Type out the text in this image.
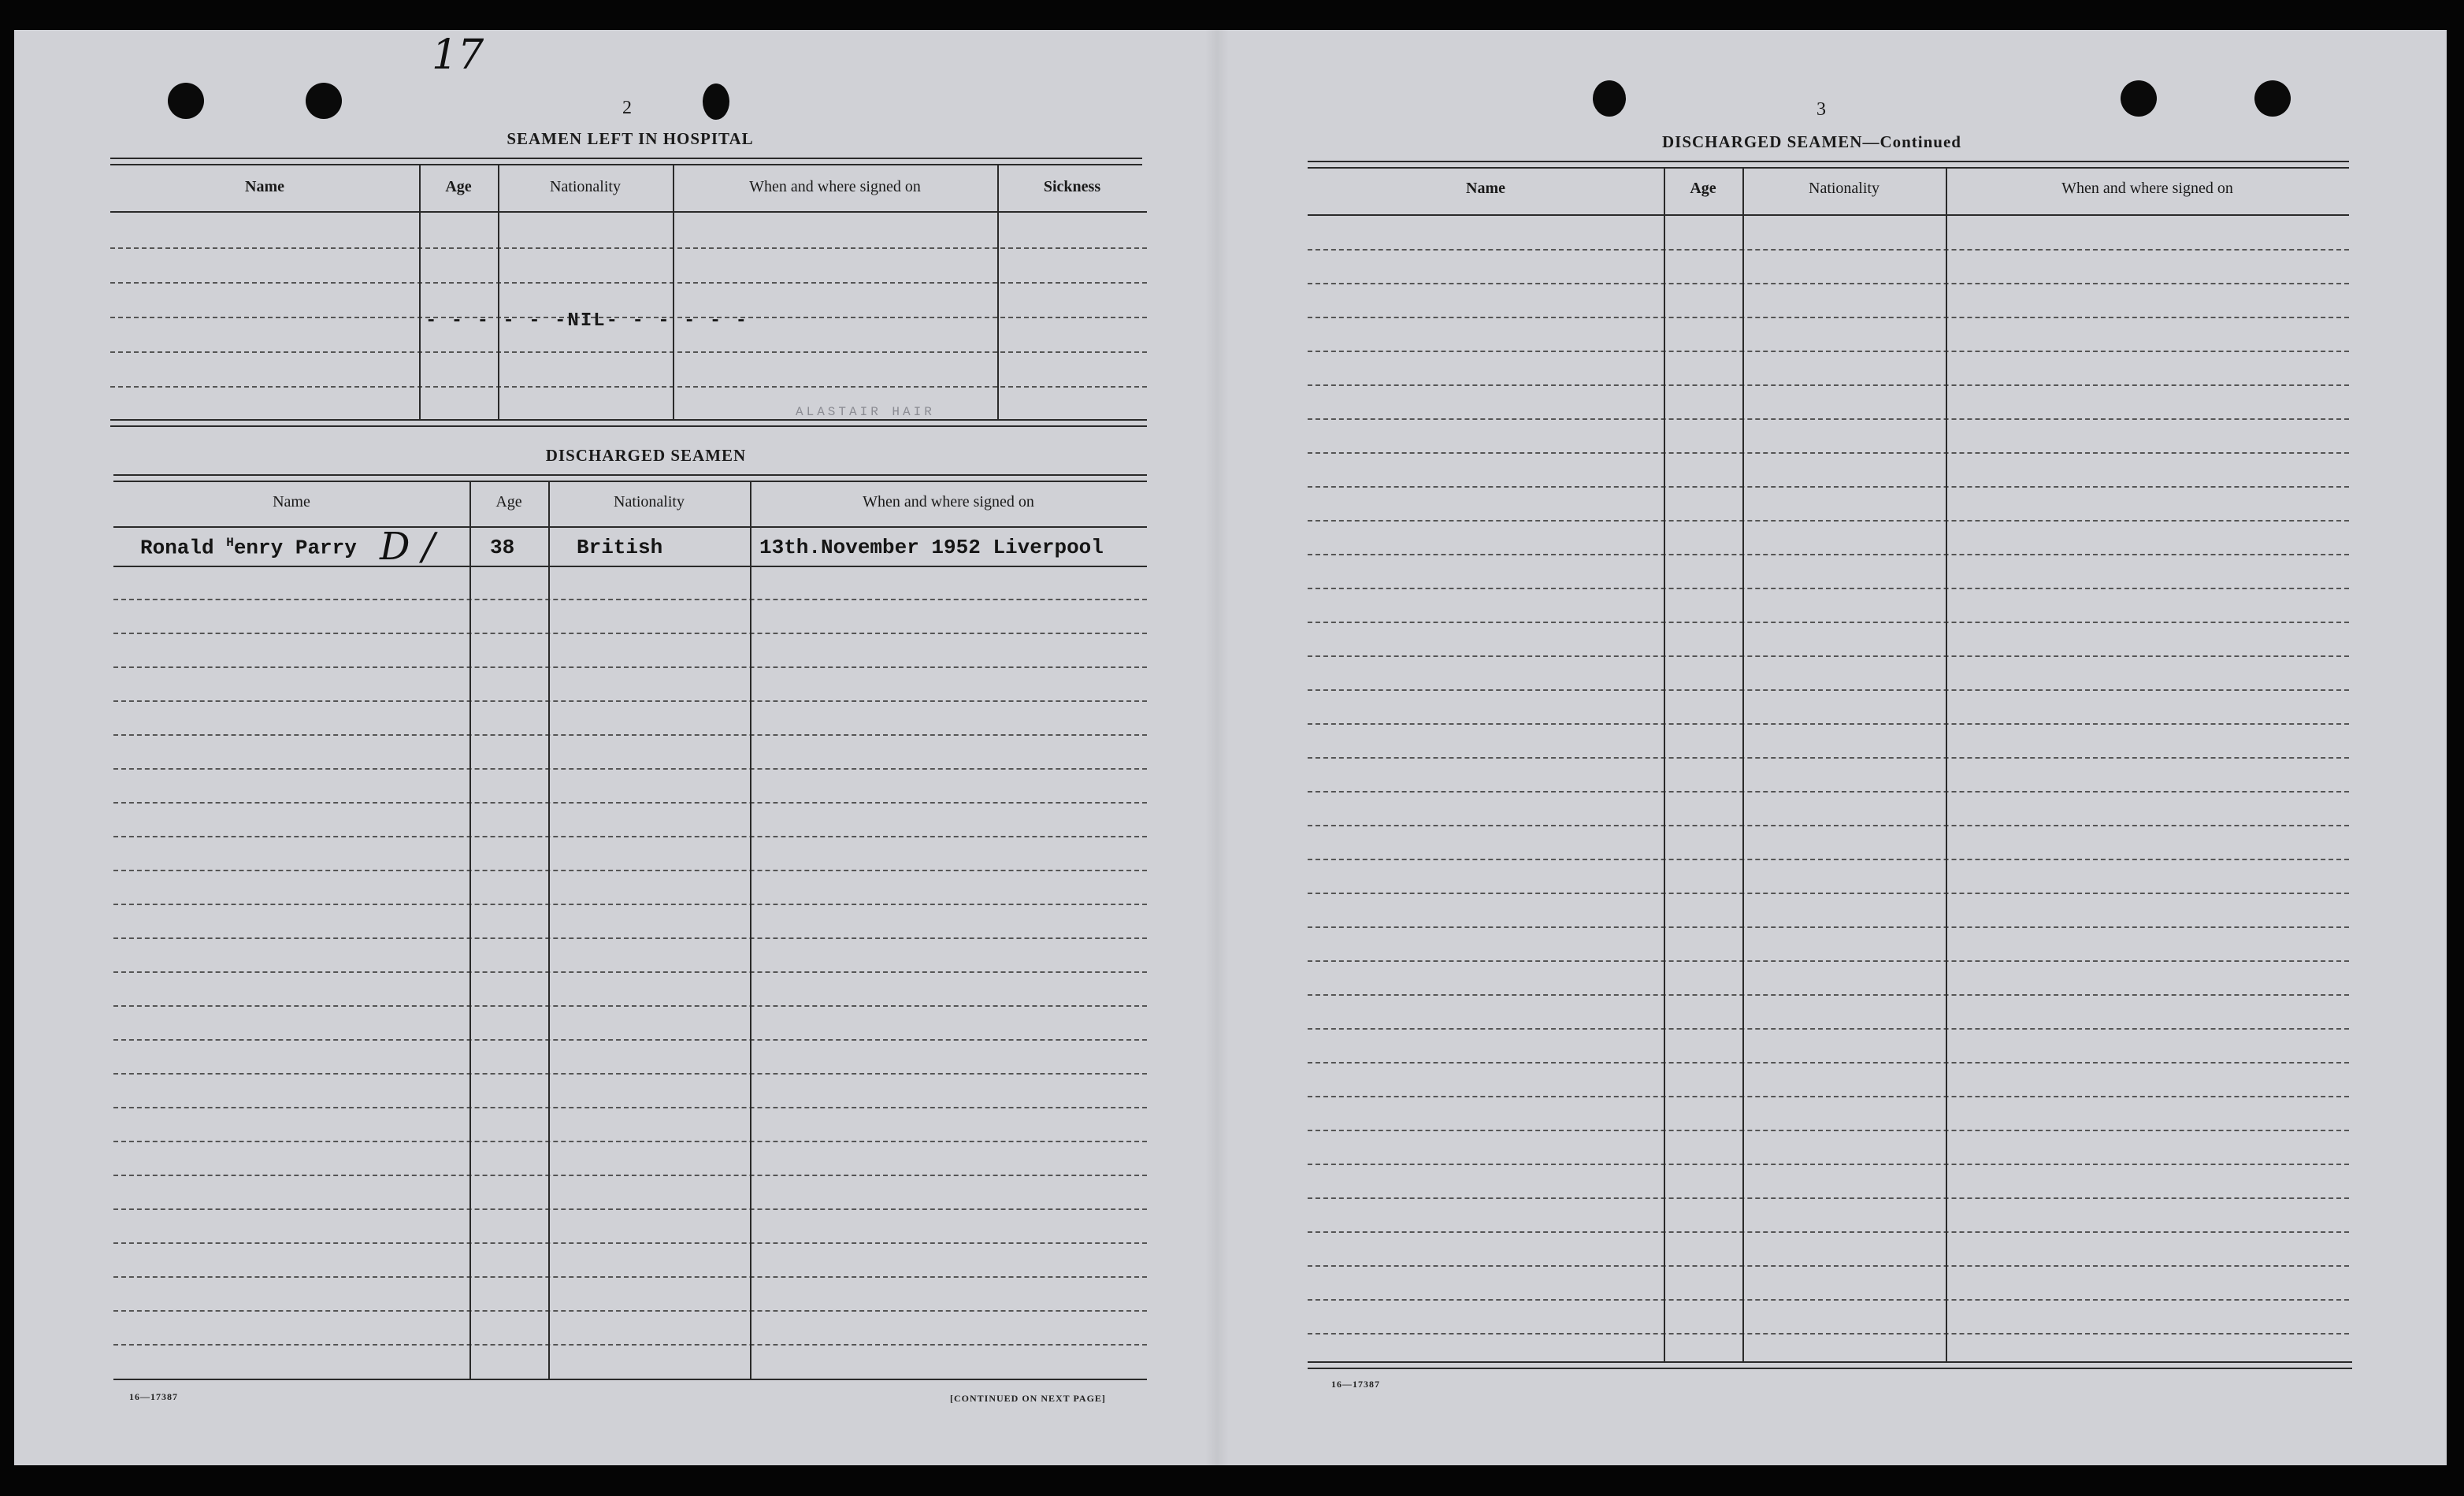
17
2
SEAMEN LEFT IN HOSPITAL
Name	Age	Nationality	When and where signed on	Sickness
- - - - - -NIL- - - - - -
ALASTAIR HAIR
DISCHARGED SEAMEN
Name	Age	Nationality	When and where signed on
Ronald $^H$enry Parry D /	38	British	13th.November 1952 Liverpool
16—17387	[CONTINUED ON NEXT PAGE]
3
DISCHARGED SEAMEN—Continued
Name	Age	Nationality	When and where signed on
16—17387
